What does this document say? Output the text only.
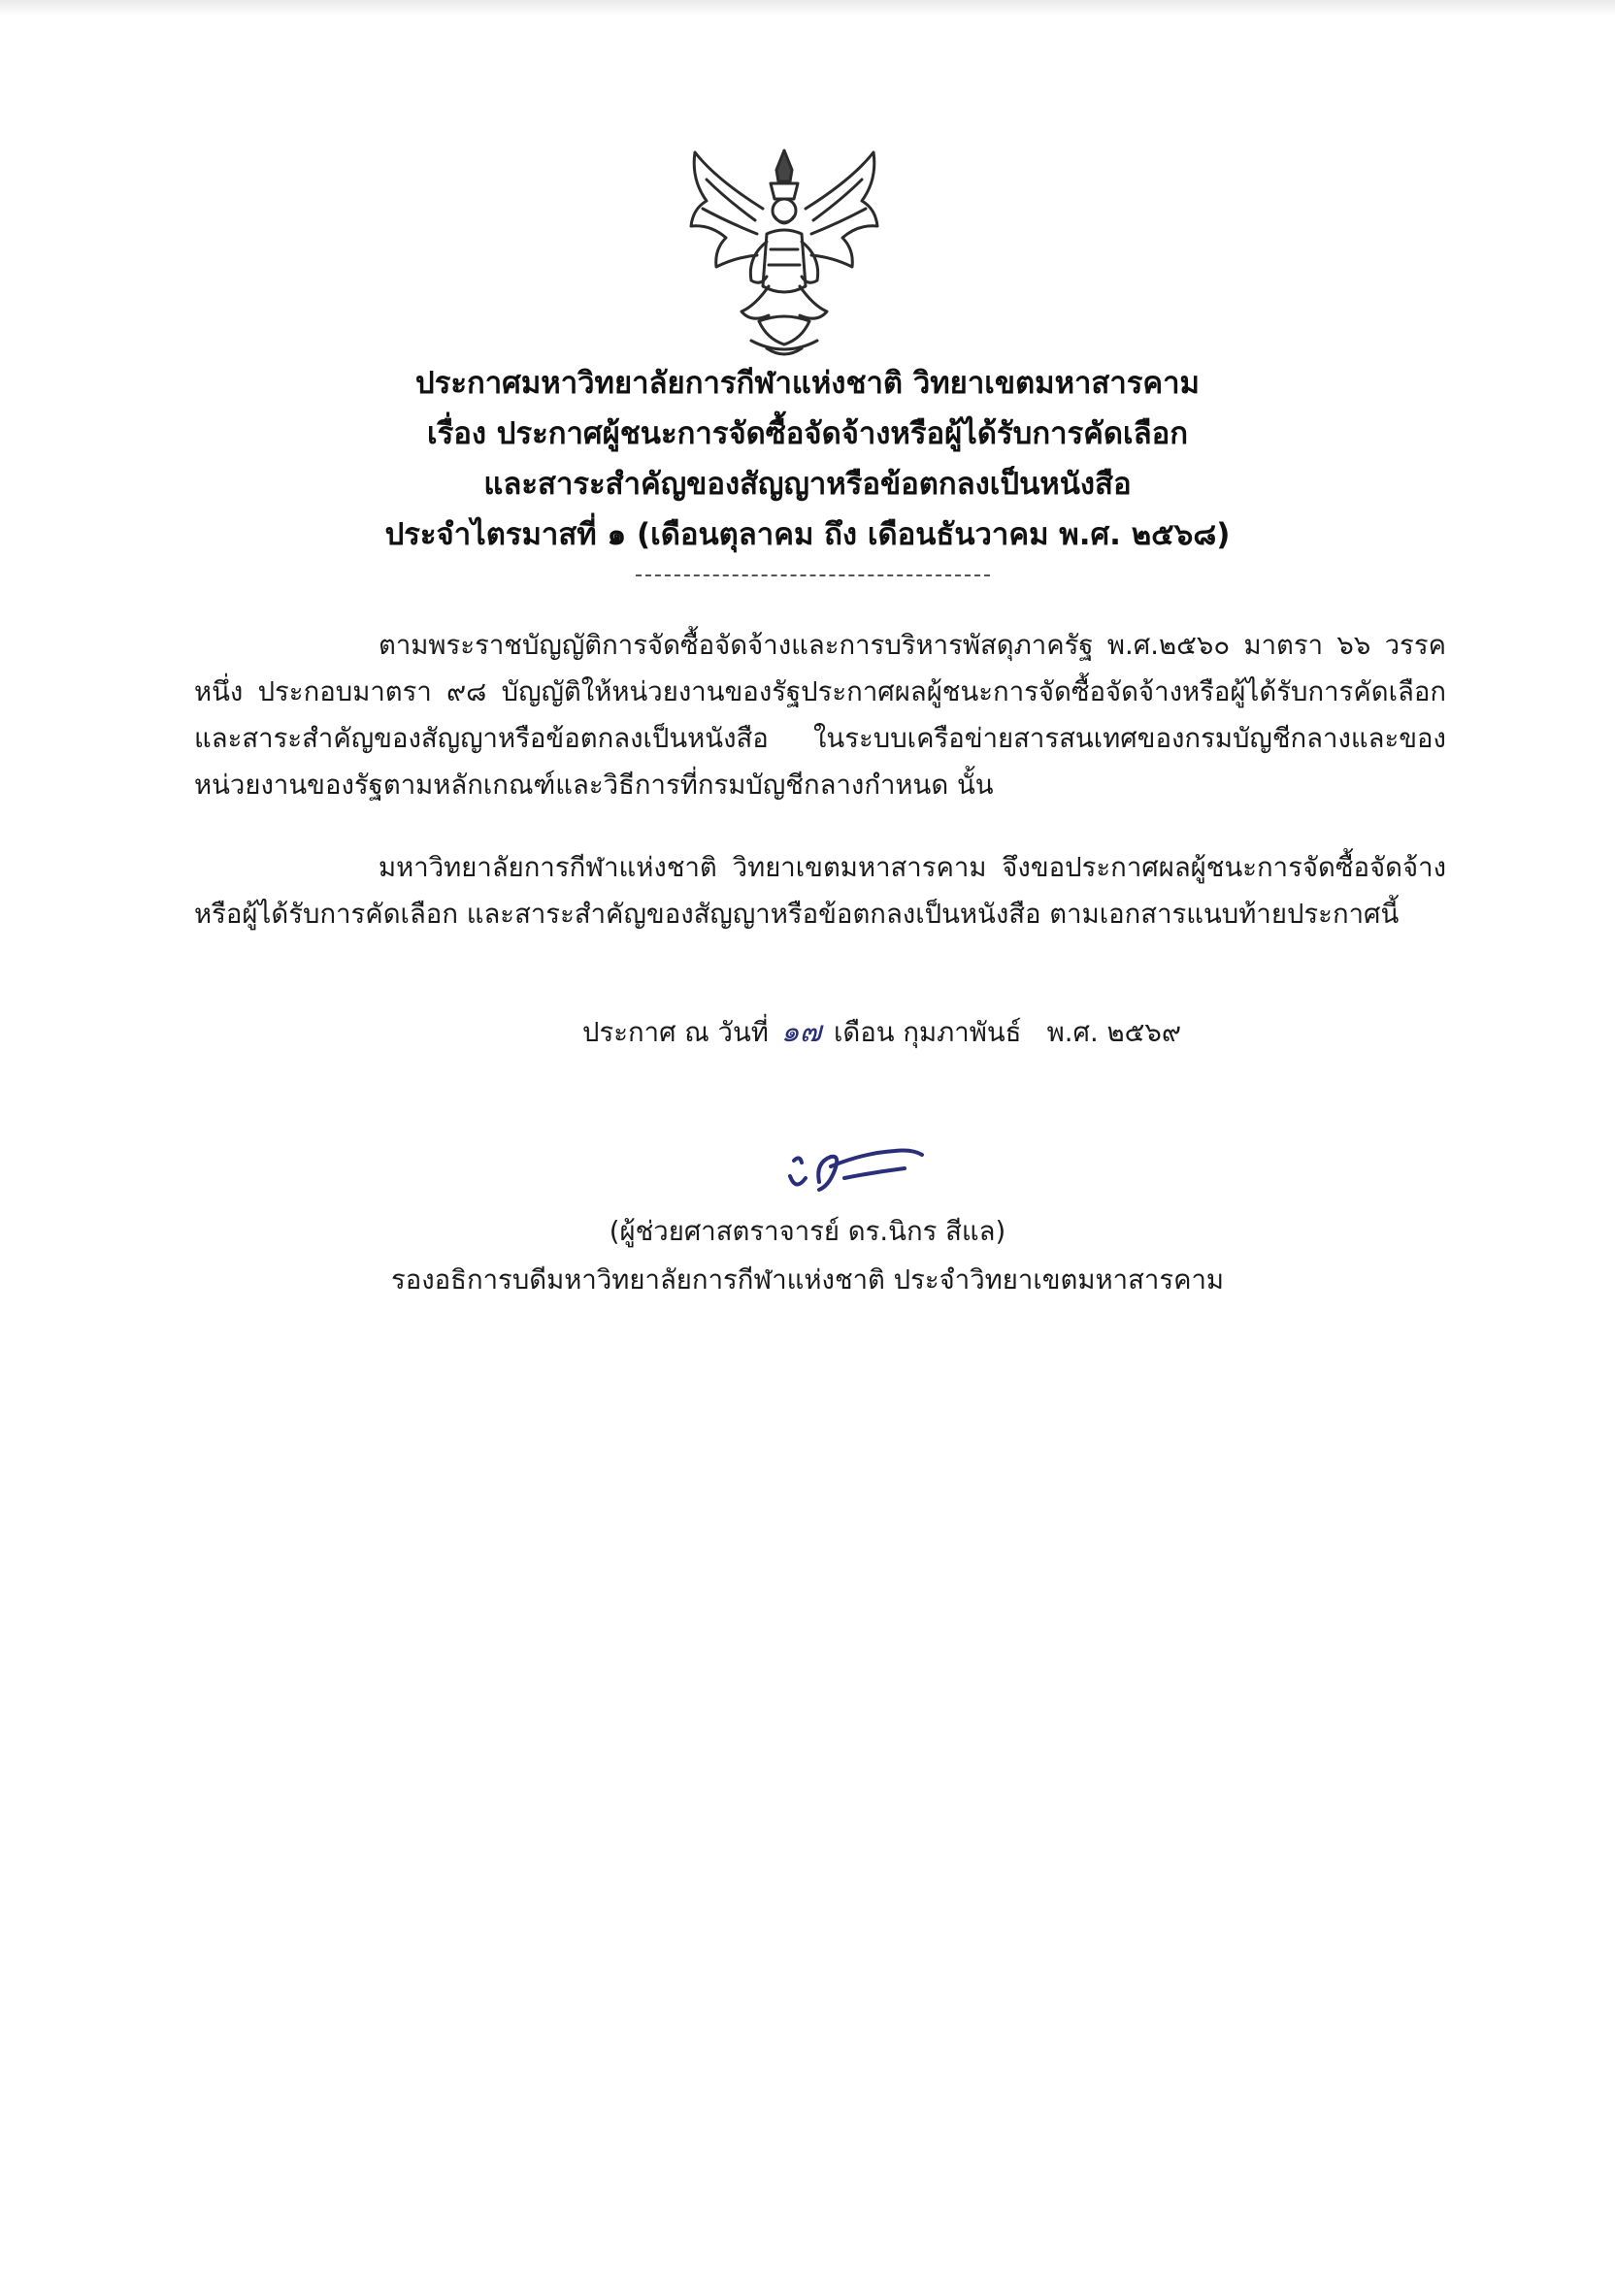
ประกาศมหาวิทยาลัยการกีฬาแห่งชาติ วิทยาเขตมหาสารคาม
เรื่อง ประกาศผู้ชนะการจัดซื้อจัดจ้างหรือผู้ได้รับการคัดเลือก
และสาระสำคัญของสัญญาหรือข้อตกลงเป็นหนังสือ
ประจำไตรมาสที่ ๑ (เดือนตุลาคม ถึง เดือนธันวาคม พ.ศ. ๒๕๖๘)
ตามพระราชบัญญัติการจัดซื้อจัดจ้างและการบริหารพัสดุภาครัฐ พ.ศ.๒๕๖๐ มาตรา ๖๖ วรรคหนึ่ง ประกอบมาตรา ๙๘ บัญญัติให้หน่วยงานของรัฐประกาศผลผู้ชนะการจัดซื้อจัดจ้างหรือผู้ได้รับการคัดเลือกและสาระสำคัญของสัญญาหรือข้อตกลงเป็นหนังสือ ในระบบเครือข่ายสารสนเทศของกรมบัญชีกลางและของหน่วยงานของรัฐตามหลักเกณฑ์และวิธีการที่กรมบัญชีกลางกำหนด นั้น
มหาวิทยาลัยการกีฬาแห่งชาติ วิทยาเขตมหาสารคาม จึงขอประกาศผลผู้ชนะการจัดซื้อจัดจ้างหรือผู้ได้รับการคัดเลือก และสาระสำคัญของสัญญาหรือข้อตกลงเป็นหนังสือ ตามเอกสารแนบท้ายประกาศนี้
ประกาศ ณ วันที่ ๑๗ เดือน กุมภาพันธ์ พ.ศ. ๒๕๖๙
(ผู้ช่วยศาสตราจารย์ ดร.นิกร สีแล)
รองอธิการบดีมหาวิทยาลัยการกีฬาแห่งชาติ ประจำวิทยาเขตมหาสารคาม
